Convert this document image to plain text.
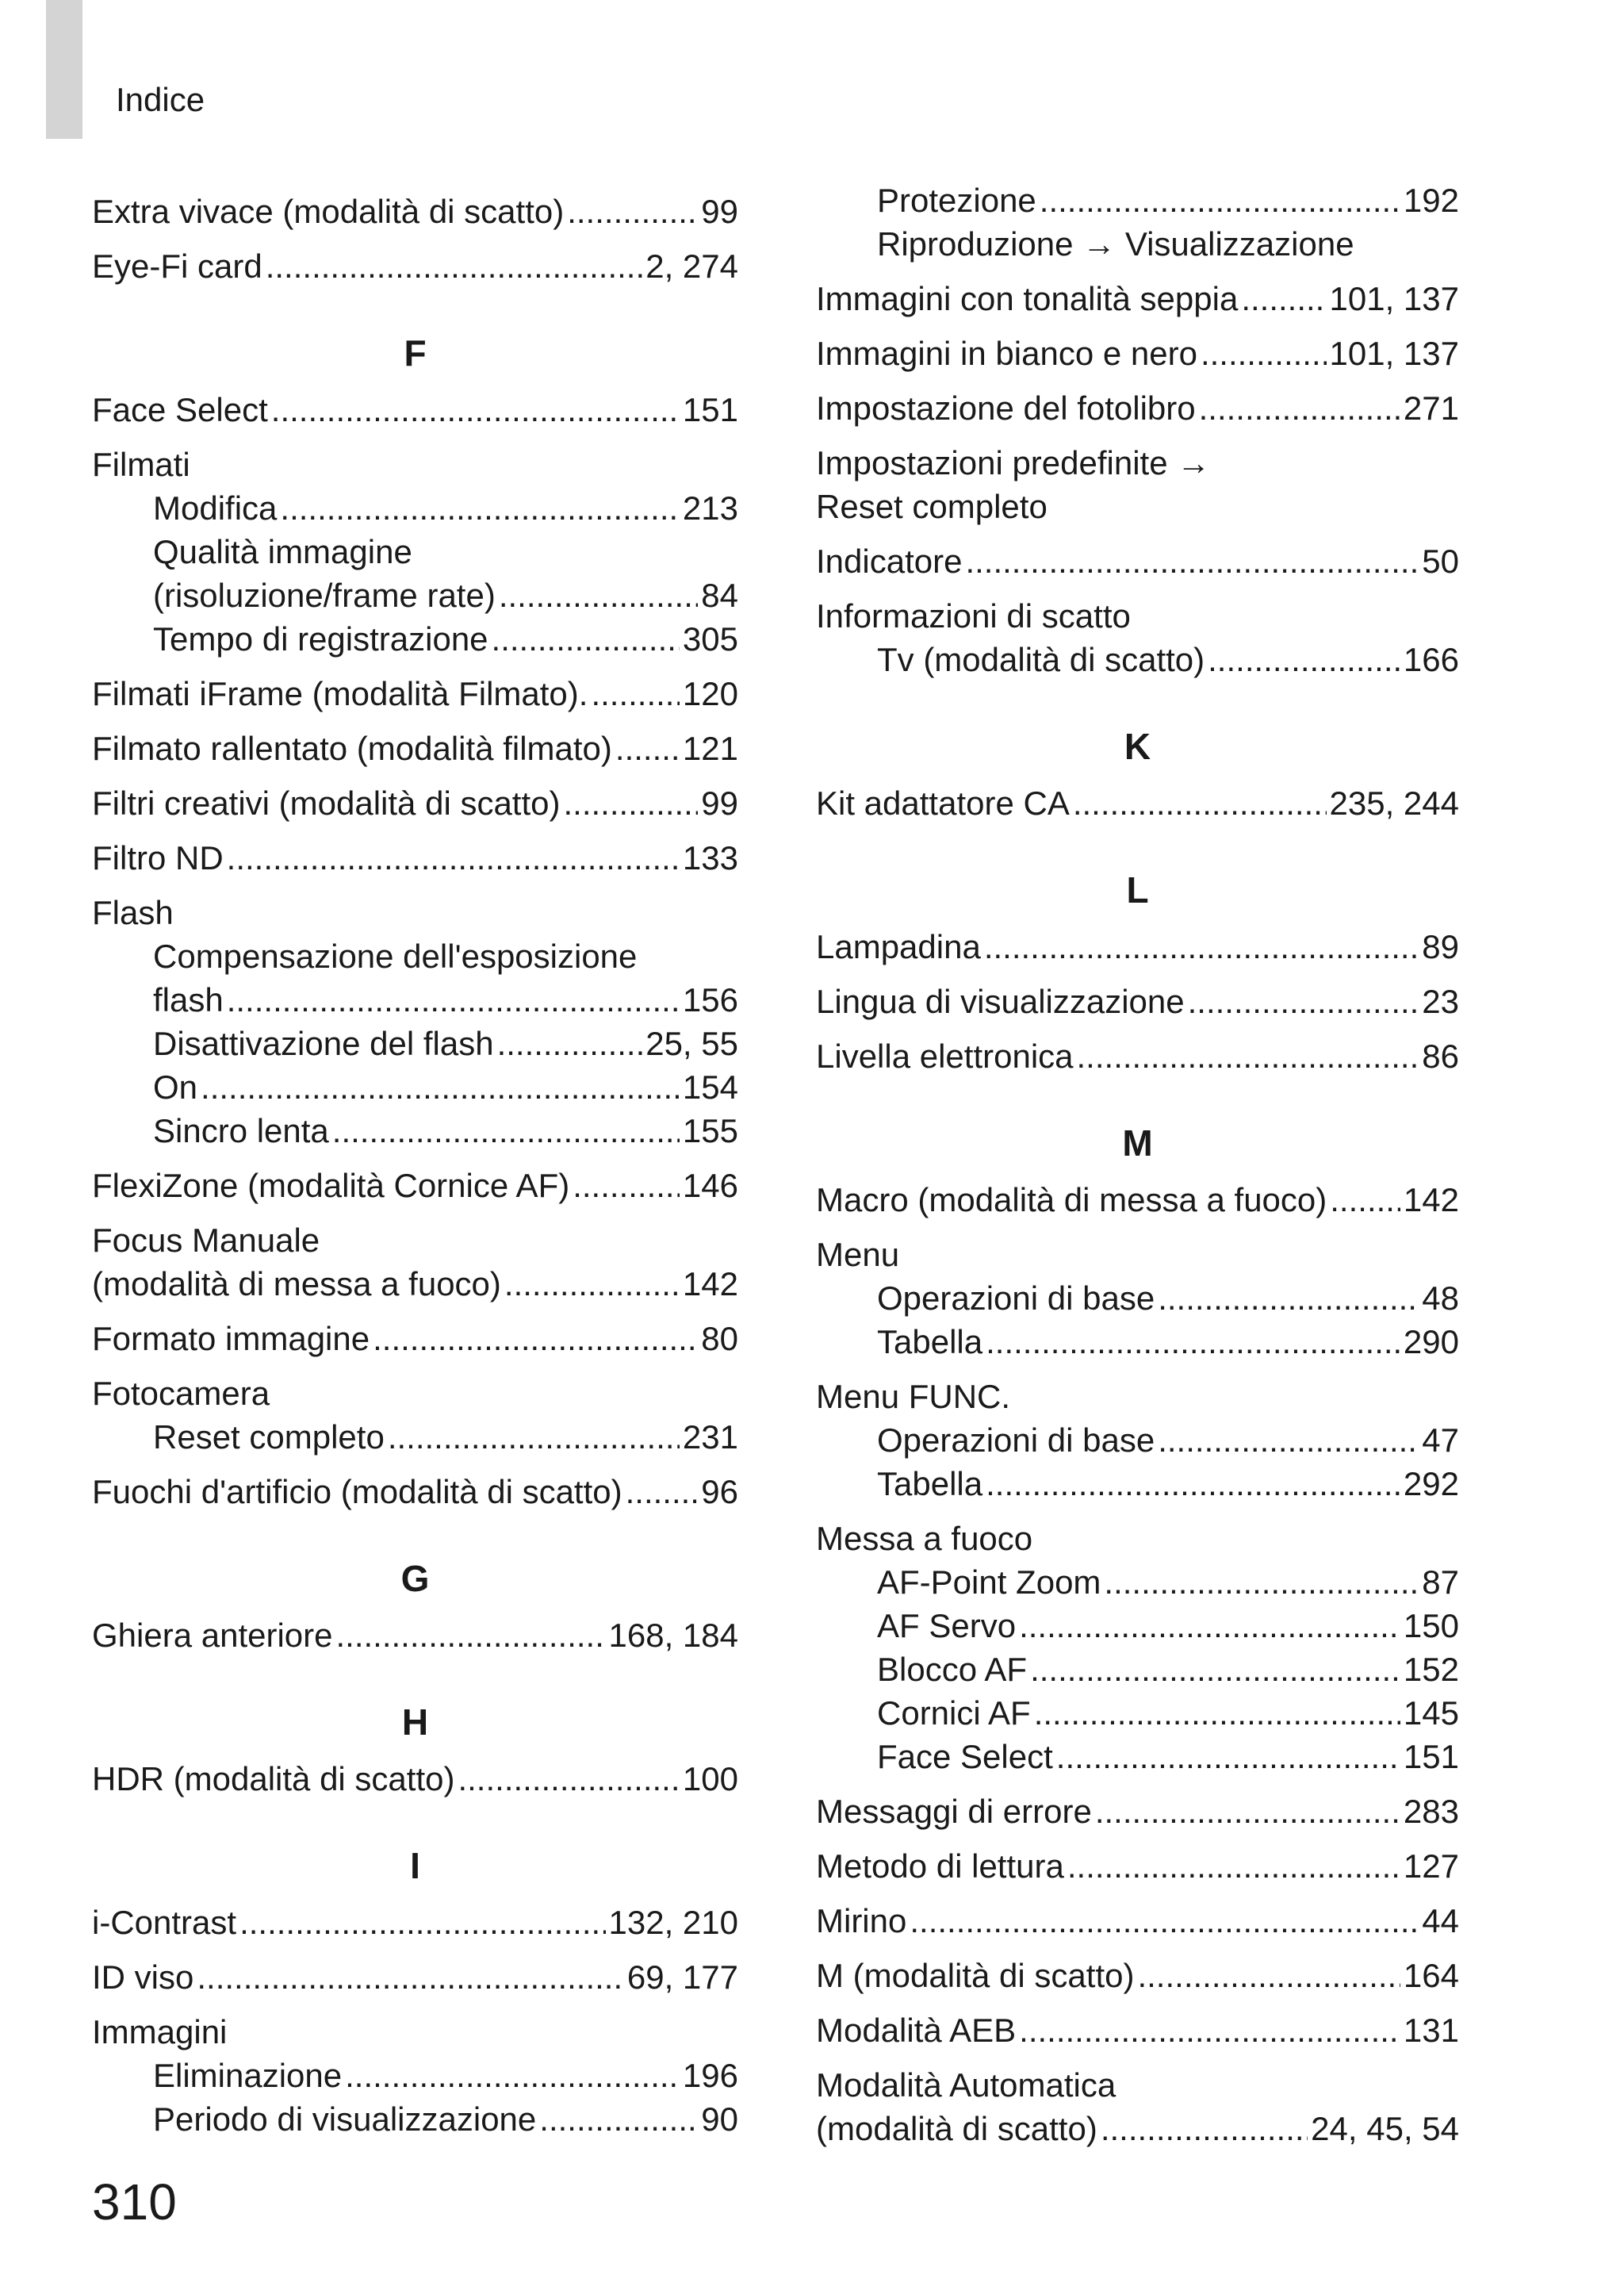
Indice
Extra vivace (modalità di scatto) .....	99
Eye-Fi card .....	2, 274
F
Face Select .....	151
Filmati
Modifica .....	213
Qualità immagine
(risoluzione/frame rate) .....	84
Tempo di registrazione .....	305
Filmati iFrame (modalità Filmato). .....	120
Filmato rallentato (modalità filmato) ..... 121
Filtri creativi (modalità di scatto) .....	99
Filtro ND .....	133
Flash
Compensazione dell'esposizione
flash .....	156
Disattivazione del flash .....	25, 55
On .....	154
Sincro lenta .....	155
FlexiZone (modalità Cornice AF) .....	146
Focus Manuale
(modalità di messa a fuoco) .....	142
Formato immagine .....	80
Fotocamera
Reset completo .....	231
Fuochi d'artificio (modalità di scatto) ..... 96
G
Ghiera anteriore .....	168, 184
H
HDR (modalità di scatto) .....	100
I
i-Contrast .....	132, 210
ID viso .....	69, 177
Immagini
Eliminazione .....	196
Periodo di visualizzazione .....	90
Protezione .....	192
Riproduzione → Visualizzazione
Immagini con tonalità seppia .....	101, 137
Immagini in bianco e nero .....	101, 137
Impostazione del fotolibro .....	271
Impostazioni predefinite →
Reset completo
Indicatore .....	50
Informazioni di scatto
Tv (modalità di scatto) .....	166
K
Kit adattatore CA .....	235, 244
L
Lampadina .....	89
Lingua di visualizzazione .....	23
Livella elettronica .....	86
M
Macro (modalità di messa a fuoco) ..... 142
Menu
Operazioni di base .....	48
Tabella .....	290
Menu FUNC.
Operazioni di base .....	47
Tabella .....	292
Messa a fuoco
AF-Point Zoom .....	87
AF Servo .....	150
Blocco AF .....	152
Cornici AF .....	145
Face Select .....	151
Messaggi di errore .....	283
Metodo di lettura .....	127
Mirino .....	44
M (modalità di scatto) .....	164
Modalità AEB .....	131
Modalità Automatica
(modalità di scatto) .....	24, 45, 54
310
